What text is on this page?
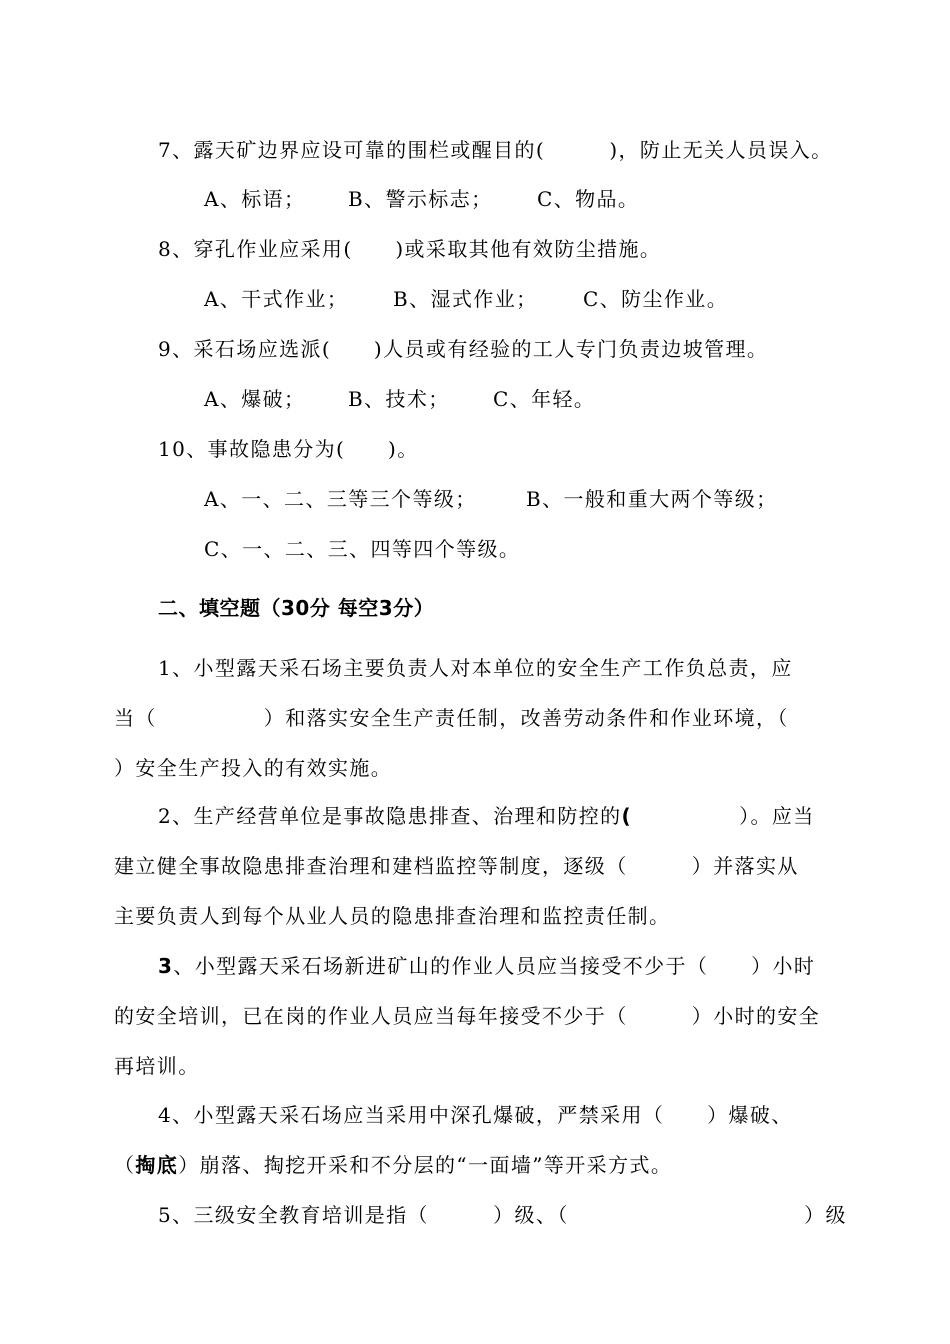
7、露天矿边界应设可靠的围栏或醒目的(　　　)，防止无关人员误入。

A、标语； B、警示标志； C、物品。

8、穿孔作业应采用(　　)或采取其他有效防尘措施。

A、干式作业； B、湿式作业； C、防尘作业。

9、采石场应选派(　　)人员或有经验的工人专门负责边坡管理。

A、爆破； B、技术； C、年轻。

10、事故隐患分为(　　)。

A、一、二、三等三个等级； B、一般和重大两个等级；

C、一、二、三、四等四个等级。

二、填空题（30分 每空3分）

1、小型露天采石场主要负责人对本单位的安全生产工作负总责，应

当（　　　　　）和落实安全生产责任制，改善劳动条件和作业环境，（

）安全生产投入的有效实施。

2、生产经营单位是事故隐患排查、治理和防控的(　　　　　）。应当

建立健全事故隐患排查治理和建档监控等制度，逐级（　　　）并落实从

主要负责人到每个从业人员的隐患排查治理和监控责任制。

3、小型露天采石场新进矿山的作业人员应当接受不少于（　　）小时

的安全培训，已在岗的作业人员应当每年接受不少于（　　　）小时的安全

再培训。

4、小型露天采石场应当采用中深孔爆破，严禁采用（　　）爆破、

（掏底）崩落、掏挖开采和不分层的“一面墙”等开采方式。

5、三级安全教育培训是指（　　　）级、（　　　　　　　　　　　）级
